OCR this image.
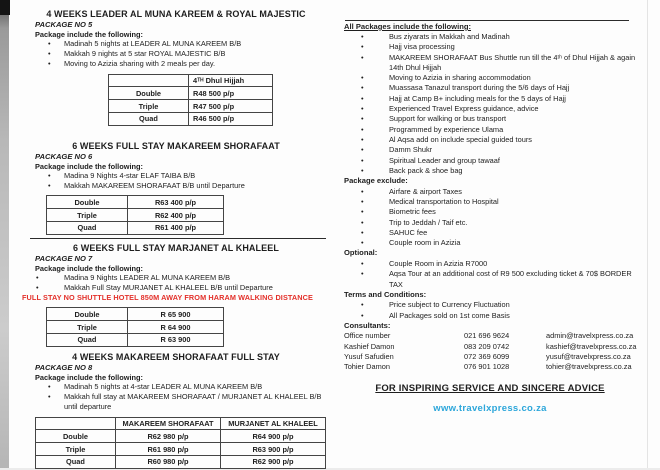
4 WEEKS LEADER AL MUNA KAREEM & ROYAL MAJESTIC
PACKAGE NO 5
Package include the following:
•
Madinah 5 nights at LEADER AL MUNA KAREEM B/B
•
Makkah 9 nights at 5 star ROYAL MAJESTIC B/B
•
Moving to Azizia sharing with 2 meals per day.
	4ᵀᴴ Dhul Hijjah
Double	R48 500 p/p
Triple	R47 500 p/p
Quad	R46 500 p/p
6 WEEKS FULL STAY MAKAREEM SHORAFAAT
PACKAGE NO 6
Package include the following:
•
Madina 9 Nights 4-star ELAF TAIBA B/B
•
Makkah MAKAREEM SHORAFAAT B/B until Departure
Double	R63 400 p/p
Triple	R62 400 p/p
Quad	R61 400 p/p
6 WEEKS FULL STAY MARJANET AL KHALEEL
PACKAGE NO 7
Package include the following:
•
Madina 9 Nights LEADER AL MUNA KAREEM B/B
•
Makkah Full Stay MURJANET AL KHALEEL B/B until Departure
FULL STAY NO SHUTTLE HOTEL 850M AWAY FROM HARAM WALKING DISTANCE
Double	R 65 900
Triple	R 64 900
Quad	R 63 900
4 WEEKS MAKAREEM SHORAFAAT FULL STAY
PACKAGE NO 8
Package include the following:
•
Madinah 5 nights at 4-star LEADER AL MUNA KAREEM B/B
•
Makkah full stay at MAKAREEM SHORAFAAT / MURJANET AL KHALEEL B/B until departure
	MAKAREEM SHORAFAAT	MURJANET AL KHALEEL
Double	R62 980 p/p	R64 900 p/p
Triple	R61 980 p/p	R63 900 p/p
Quad	R60 980 p/p	R62 900 p/p
All Packages include the following:
•
Bus ziyarats in Makkah and Madinah
•
Hajj visa processing
•
MAKAREEM SHORAFAAT Bus Shuttle run till the 4ᵗʰ of Dhul Hijjah & again 14th Dhul Hijjah
•
Moving to Azizia in sharing accommodation
•
Muassasa Tanazul transport during the 5/6 days of Hajj
•
Hajj at Camp B+ including meals for the 5 days of Hajj
•
Experienced Travel Express guidance, advice
•
Support for walking or bus transport
•
Programmed by experience Ulama
•
Al Aqsa add on include special guided tours
•
Damm Shukr
•
Spiritual Leader and group tawaaf
•
Back pack & shoe bag
Package exclude:
•
Airfare & airport Taxes
•
Medical transportation to Hospital
•
Biometric fees
•
Trip to Jeddah / Taif etc.
•
SAHUC fee
•
Couple room in Azizia
Optional:
•
Couple Room in Azizia R7000
•
Aqsa Tour at an additional cost of R9 500 excluding ticket & 70$ BORDER TAX
Terms and Conditions:
•
Price subject to Currency Fluctuation
•
All Packages sold on 1st come Basis
Consultants:
Office number	021 696 9624	admin@travelxpress.co.za
Kashief Damon	083 209 0742	kashief@travelxpress.co.za
Yusuf Safudien	072 369 6099	yusuf@travelxpress.co.za
Tohier Damon	076 901 1028	tohier@travelxpress.co.za
FOR INSPIRING SERVICE AND SINCERE ADVICE
www.travelxpress.co.za
